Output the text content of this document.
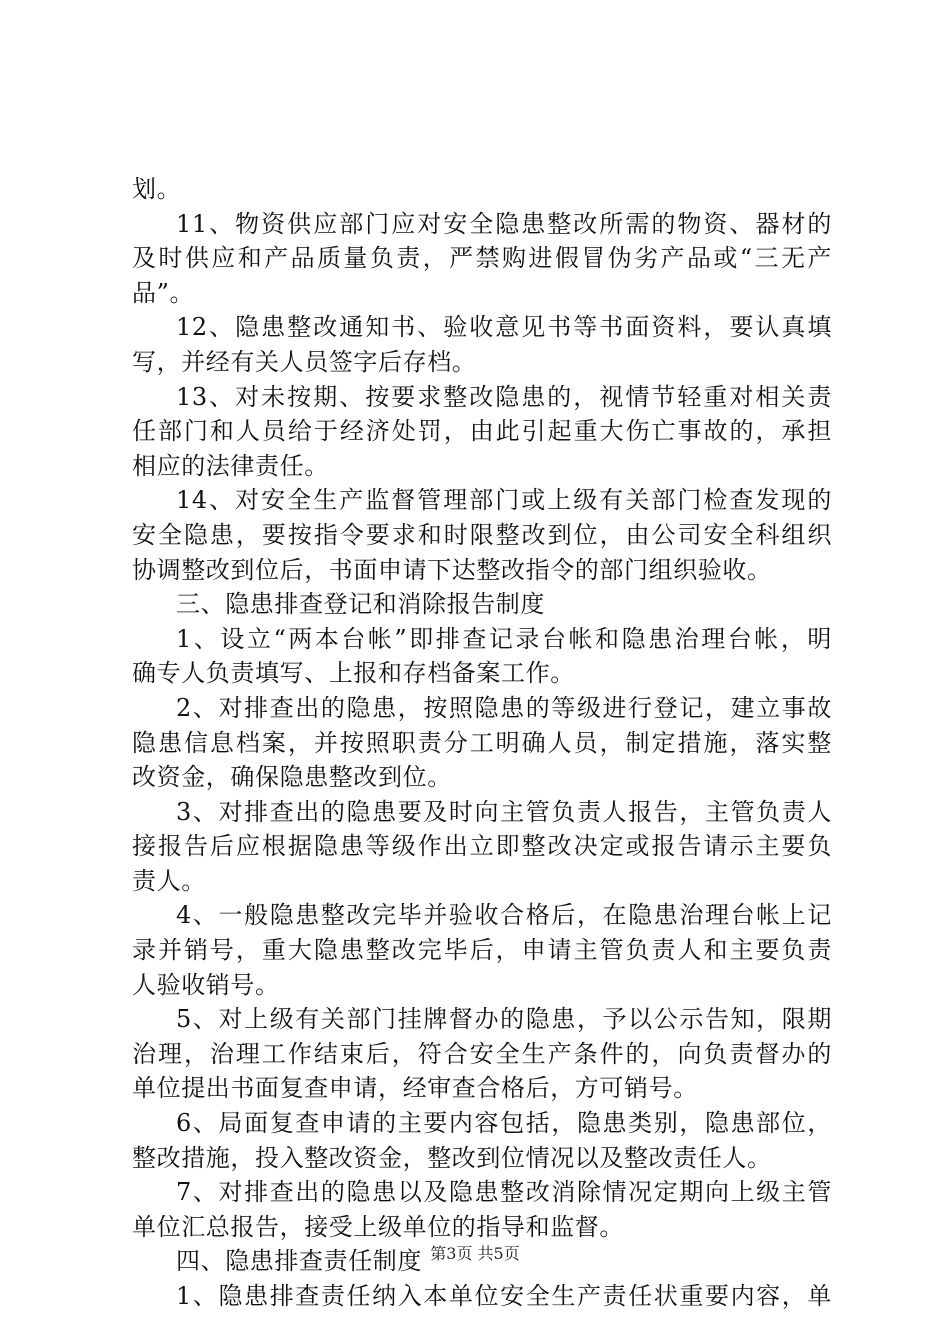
划。
11、物资供应部门应对安全隐患整改所需的物资、器材的
及时供应和产品质量负责，严禁购进假冒伪劣产品或“三无产
品”。
12、隐患整改通知书、验收意见书等书面资料，要认真填
写，并经有关人员签字后存档。
13、对未按期、按要求整改隐患的，视情节轻重对相关责
任部门和人员给于经济处罚，由此引起重大伤亡事故的，承担
相应的法律责任。
14、对安全生产监督管理部门或上级有关部门检查发现的
安全隐患，要按指令要求和时限整改到位，由公司安全科组织
协调整改到位后，书面申请下达整改指令的部门组织验收。
三、隐患排查登记和消除报告制度
1、设立“两本台帐”即排查记录台帐和隐患治理台帐，明
确专人负责填写、上报和存档备案工作。
2、对排查出的隐患，按照隐患的等级进行登记，建立事故
隐患信息档案，并按照职责分工明确人员，制定措施，落实整
改资金，确保隐患整改到位。
3、对排查出的隐患要及时向主管负责人报告，主管负责人
接报告后应根据隐患等级作出立即整改决定或报告请示主要负
责人。
4、一般隐患整改完毕并验收合格后，在隐患治理台帐上记
录并销号，重大隐患整改完毕后，申请主管负责人和主要负责
人验收销号。
5、对上级有关部门挂牌督办的隐患，予以公示告知，限期
治理，治理工作结束后，符合安全生产条件的，向负责督办的
单位提出书面复查申请，经审查合格后，方可销号。
6、局面复查申请的主要内容包括，隐患类别，隐患部位，
整改措施，投入整改资金，整改到位情况以及整改责任人。
7、对排查出的隐患以及隐患整改消除情况定期向上级主管
单位汇总报告，接受上级单位的指导和监督。
四、隐患排查责任制度
1、隐患排查责任纳入本单位安全生产责任状重要内容，单
第3页 共5页
